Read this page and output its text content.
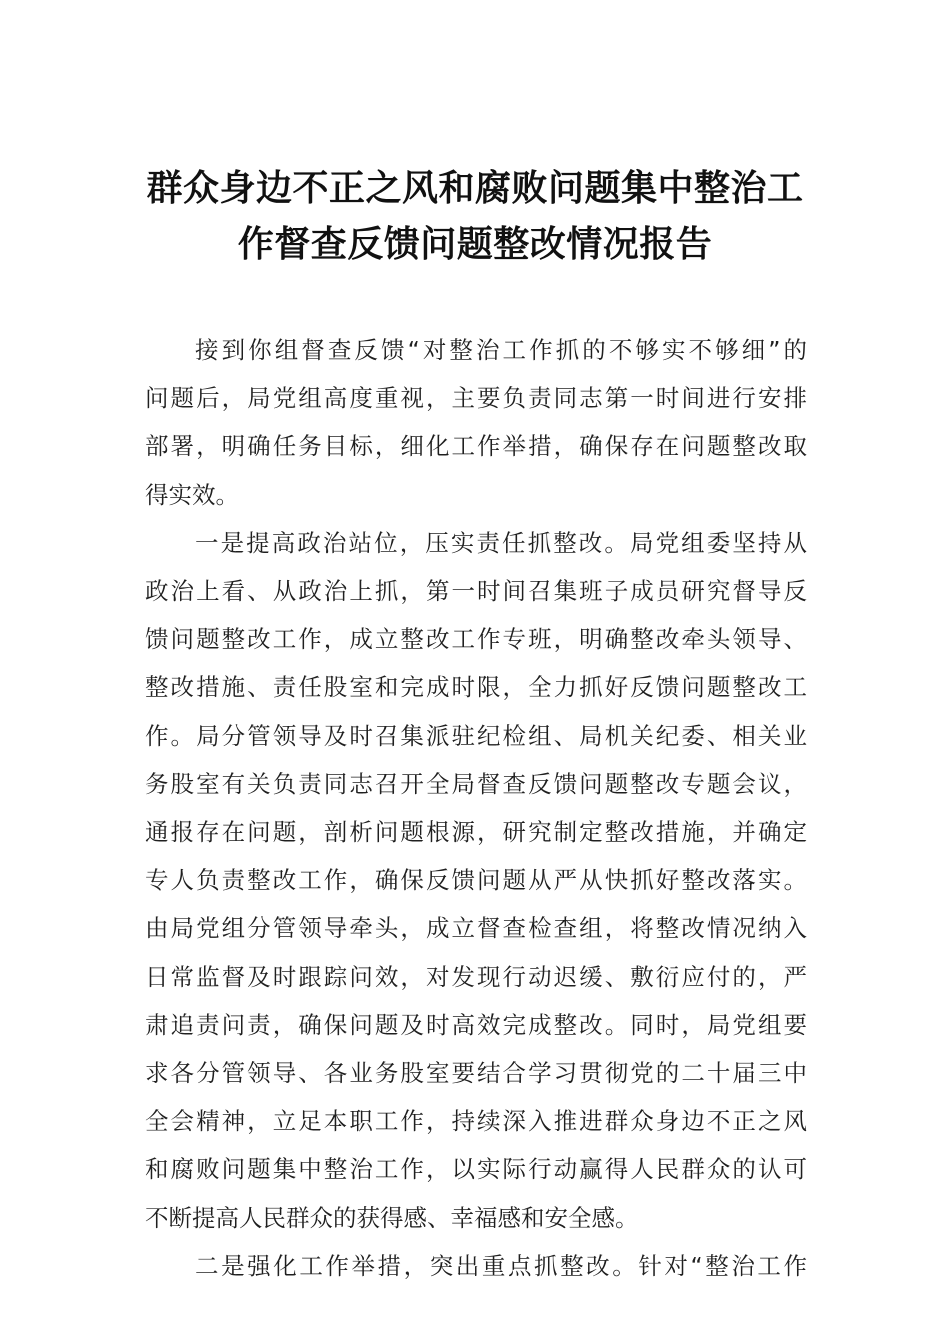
群众身边不正之风和腐败问题集中整治工
作督查反馈问题整改情况报告

接到你组督查反馈“对整治工作抓的不够实不够细”的
问题后，局党组高度重视，主要负责同志第一时间进行安排
部署，明确任务目标，细化工作举措，确保存在问题整改取
得实效。

一是提高政治站位，压实责任抓整改。局党组委坚持从
政治上看、从政治上抓，第一时间召集班子成员研究督导反
馈问题整改工作，成立整改工作专班，明确整改牵头领导、
整改措施、责任股室和完成时限，全力抓好反馈问题整改工
作。局分管领导及时召集派驻纪检组、局机关纪委、相关业
务股室有关负责同志召开全局督查反馈问题整改专题会议，
通报存在问题，剖析问题根源，研究制定整改措施，并确定
专人负责整改工作，确保反馈问题从严从快抓好整改落实。
由局党组分管领导牵头，成立督查检查组，将整改情况纳入
日常监督及时跟踪问效，对发现行动迟缓、敷衍应付的，严
肃追责问责，确保问题及时高效完成整改。同时，局党组要
求各分管领导、各业务股室要结合学习贯彻党的二十届三中
全会精神，立足本职工作，持续深入推进群众身边不正之风
和腐败问题集中整治工作，以实际行动赢得人民群众的认可
不断提高人民群众的获得感、幸福感和安全感。

二是强化工作举措，突出重点抓整改。针对“整治工作
